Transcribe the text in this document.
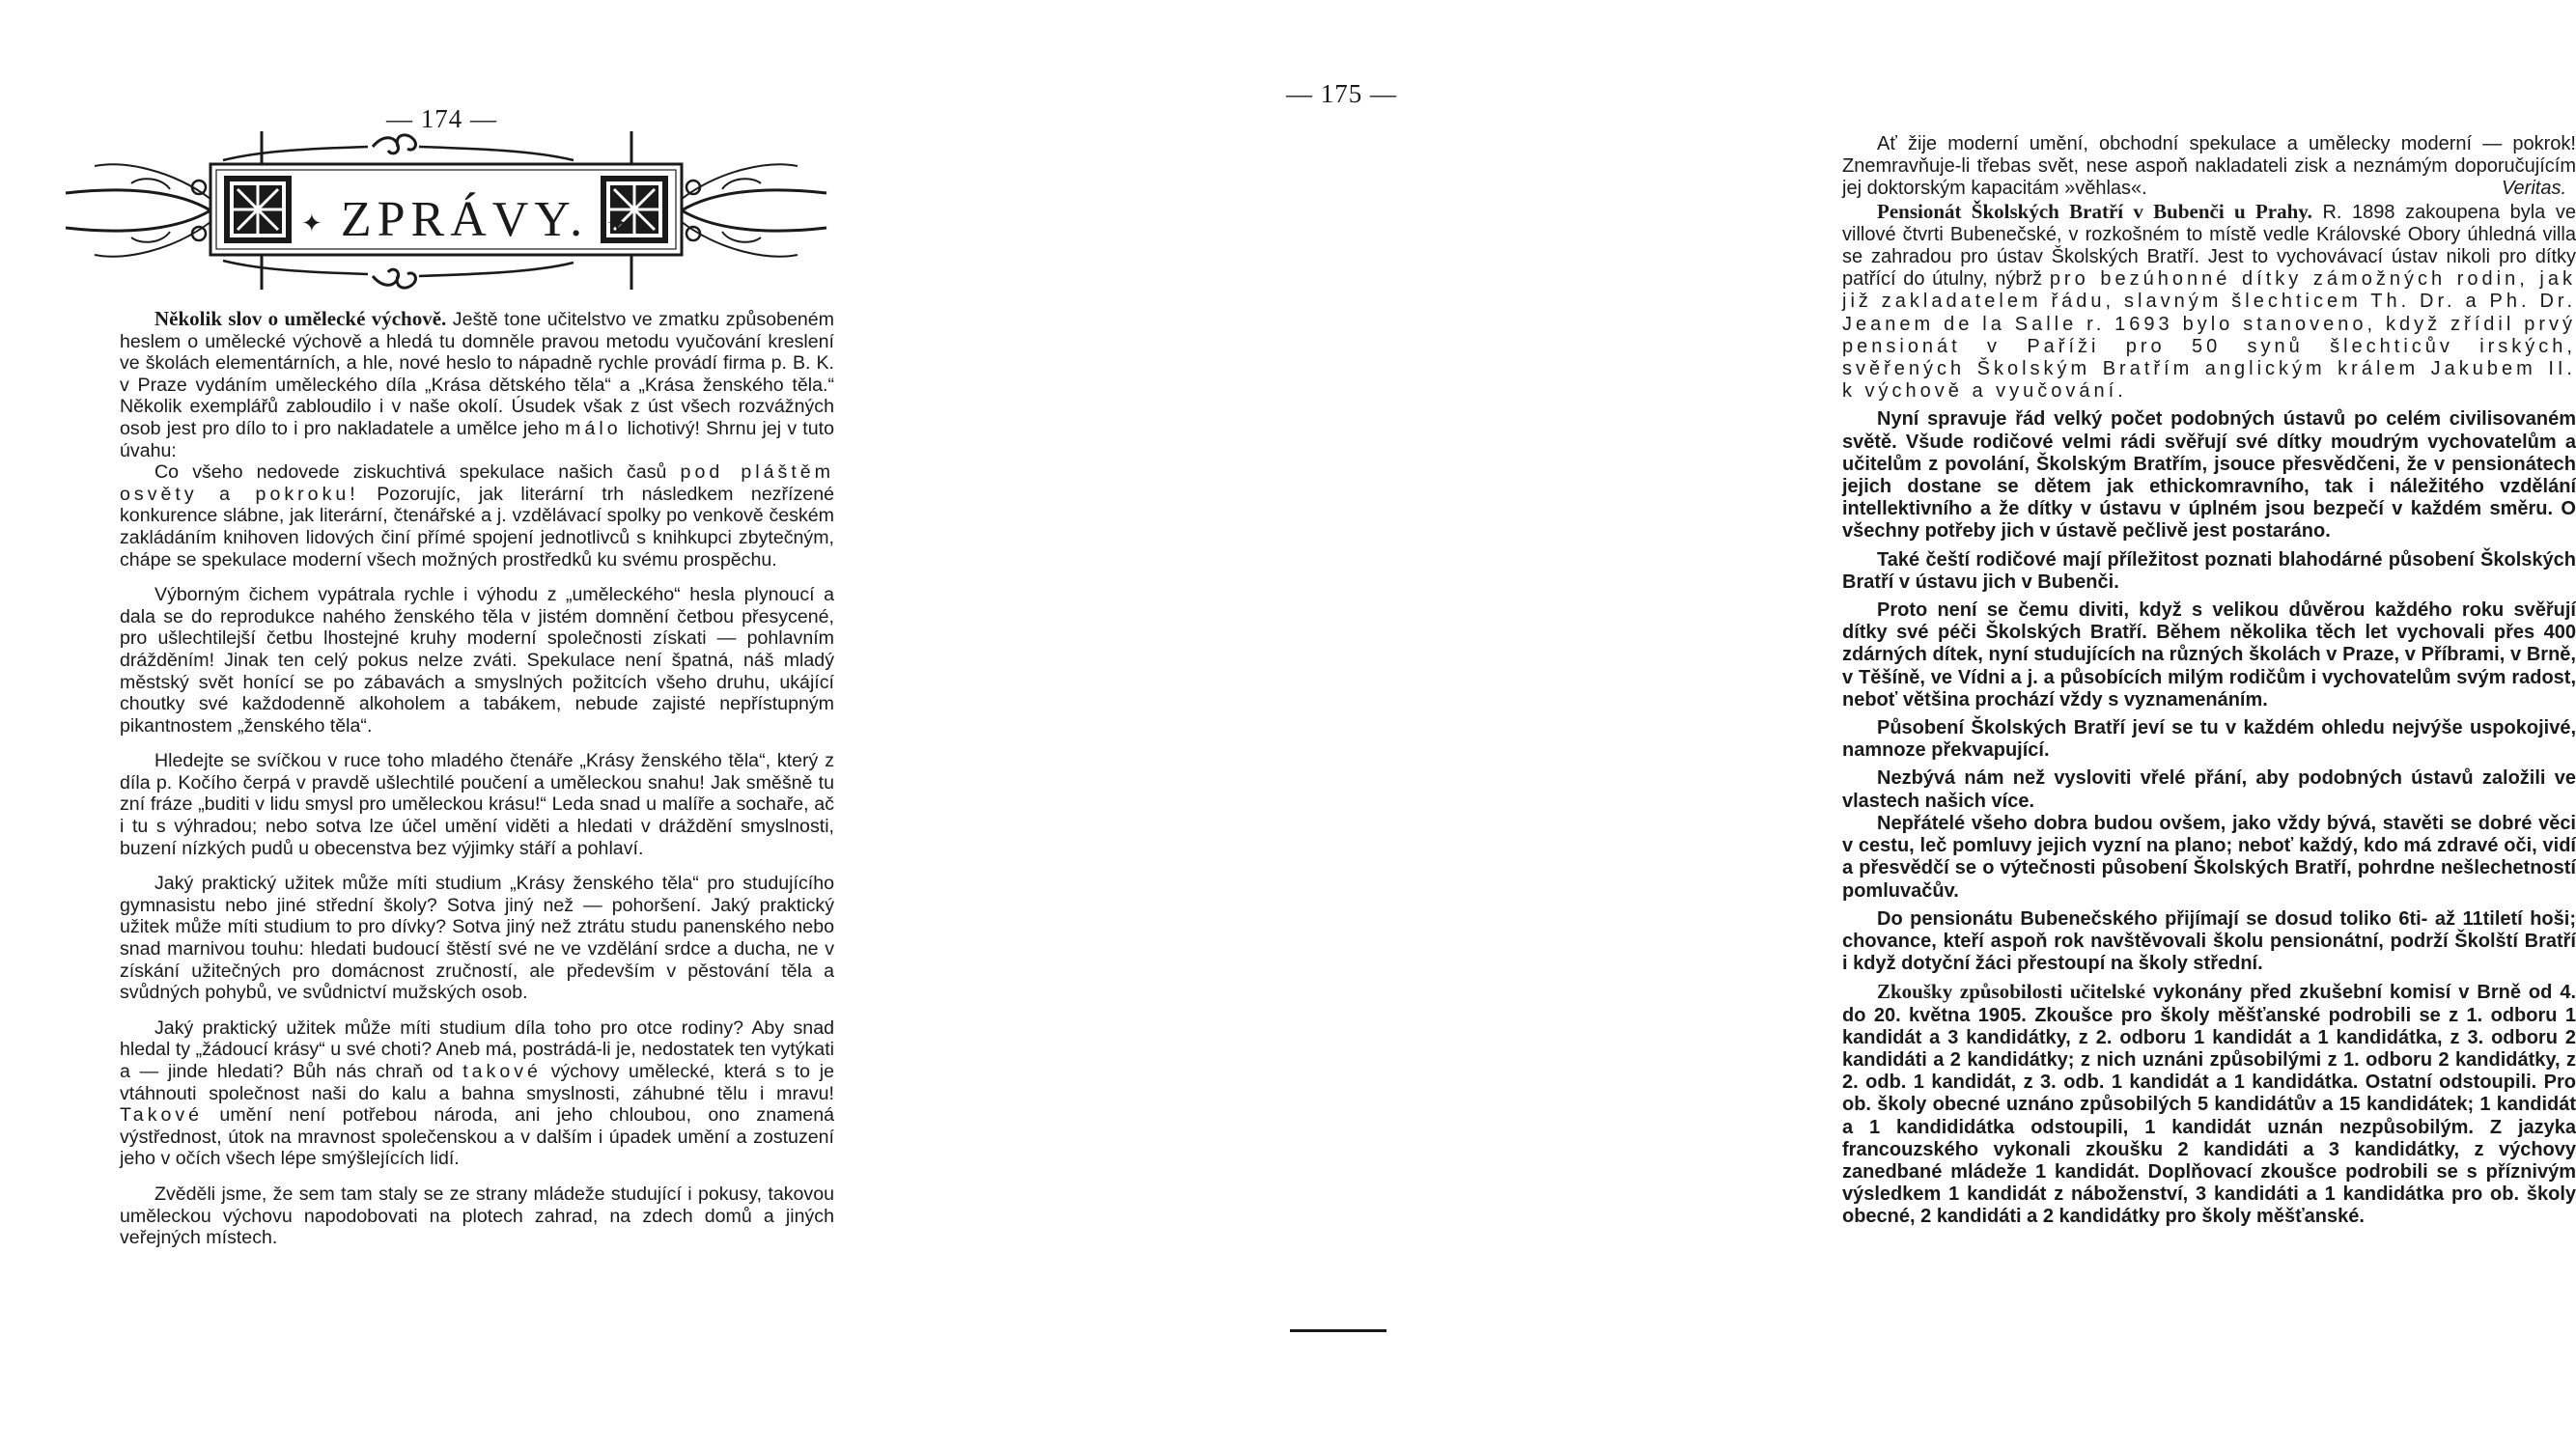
— 174 —
✦ ZPRÁVY. ✦

Několik slov o umělecké výchově. Ještě tone učitelstvo ve zmatku způsobeném heslem o umělecké výchově a hledá tu domněle pravou metodu vyučování kreslení ve školách elementárních, a hle, nové heslo to nápadně rychle provádí firma p. B. K. v Praze vydáním uměleckého díla „Krása dětského těla“ a „Krása ženského těla.“ Několik exemplářů zabloudilo i v naše okolí. Úsudek však z úst všech rozvážných osob jest pro dílo to i pro nakladatele a umělce jeho málo lichotivý! Shrnu jej v tuto úvahu:

Co všeho nedovede ziskuchtivá spekulace našich časů pod pláštěm osvěty a pokroku! Pozorujíc, jak literární trh následkem nezřízené konkurence slábne, jak literární, čtenářské a j. vzdělávací spolky po venkově českém zakládáním knihoven lidových činí přímé spojení jednotlivců s knihkupci zbytečným, chápe se spekulace moderní všech možných prostředků ku svému prospěchu.

Výborným čichem vypátrala rychle i výhodu z „uměleckého“ hesla plynoucí a dala se do reprodukce nahého ženského těla v jistém domnění četbou přesycené, pro ušlechtilejší četbu lhostejné kruhy moderní společnosti získati — pohlavním drážděním! Jinak ten celý pokus nelze zváti. Spekulace není špatná, náš mladý městský svět honící se po zábavách a smyslných požitcích všeho druhu, ukájící choutky své každodenně alkoholem a tabákem, nebude zajisté nepřístupným pikantnostem „ženského těla“.

Hledejte se svíčkou v ruce toho mladého čtenáře „Krásy ženského těla“, který z díla p. Kočího čerpá v pravdě ušlechtilé poučení a uměleckou snahu! Jak směšně tu zní fráze „buditi v lidu smysl pro uměleckou krásu!“ Leda snad u malíře a sochaře, ač i tu s výhradou; nebo sotva lze účel umění viděti a hledati v dráždění smyslnosti, buzení nízkých pudů u obecenstva bez výjimky stáří a pohlaví.

Jaký praktický užitek může míti studium „Krásy ženského těla“ pro studujícího gymnasistu nebo jiné střední školy? Sotva jiný než — pohoršení. Jaký praktický užitek může míti studium to pro dívky? Sotva jiný než ztrátu studu panenského nebo snad marnivou touhu: hledati budoucí štěstí své ne ve vzdělání srdce a ducha, ne v získání užitečných pro domácnost zručností, ale především v pěstování těla a svůdných pohybů, ve svůdnictví mužských osob.

Jaký praktický užitek může míti studium díla toho pro otce rodiny? Aby snad hledal ty „žádoucí krásy“ u své choti? Aneb má, postrádá-li je, nedostatek ten vytýkati a — jinde hledati? Bůh nás chraň od takové výchovy umělecké, která s to je vtáhnouti společnost naši do kalu a bahna smyslnosti, záhubné tělu i mravu! Takové umění není potřebou národa, ani jeho chloubou, ono znamená výstřednost, útok na mravnost společenskou a v dalším i úpadek umění a zostuzení jeho v očích všech lépe smýšlejících lidí.

Zvěděli jsme, že sem tam staly se ze strany mládeže studující i pokusy, takovou uměleckou výchovu napodobovati na plotech zahrad, na zdech domů a jiných veřejných místech.

— 175 —

Ať žije moderní umění, obchodní spekulace a umělecky moderní — pokrok! Znemravňuje-li třebas svět, nese aspoň nakladateli zisk a neznámým doporučujícím jej doktorským kapacitám »věhlas«.	Veritas.

Pensionát Školských Bratří v Bubenči u Prahy. R. 1898 zakoupena byla ve villové čtvrti Bubenečské, v rozkošném to místě vedle Královské Obory úhledná villa se zahradou pro ústav Školských Bratří. Jest to vychovávací ústav nikoli pro dítky patřící do útulny, nýbrž pro bezúhonné dítky zámožných rodin, jak již zakladatelem řádu, slavným šlechticem Th. Dr. a Ph. Dr. Jeanem de la Salle r. 1693 bylo stanoveno, když zřídil prvý pensionát v Paříži pro 50 synů šlechticův irských, svěřených Školským Bratřím anglickým králem Jakubem II. k výchově a vyučování.

Nyní spravuje řád velký počet podobných ústavů po celém civilisovaném světě. Všude rodičové velmi rádi svěřují své dítky moudrým vychovatelům a učitelům z povolání, Školským Bratřím, jsouce přesvědčeni, že v pensionátech jejich dostane se dětem jak ethickomravního, tak i náležitého vzdělání intellektivního a že dítky v ústavu v úplném jsou bezpečí v každém směru. O všechny potřeby jich v ústavě pečlivě jest postaráno.

Také čeští rodičové mají příležitost poznati blahodárné působení Školských Bratří v ústavu jich v Bubenči.

Proto není se čemu diviti, když s velikou důvěrou každého roku svěřují dítky své péči Školských Bratří. Během několika těch let vychovali přes 400 zdárných dítek, nyní studujících na různých školách v Praze, v Příbrami, v Brně, v Těšíně, ve Vídni a j. a působících milým rodičům i vychovatelům svým radost, neboť většina prochází vždy s vyznamenáním.

Působení Školských Bratří jeví se tu v každém ohledu nejvýše uspokojivé, namnoze překvapující.

Nezbývá nám než vysloviti vřelé přání, aby podobných ústavů založili ve vlastech našich více.

Nepřátelé všeho dobra budou ovšem, jako vždy bývá, stavěti se dobré věci v cestu, leč pomluvy jejich vyzní na plano; neboť každý, kdo má zdravé oči, vidí a přesvědčí se o výtečnosti působení Školských Bratří, pohrdne nešlechetností pomluvačův.

Do pensionátu Bubenečského přijímají se dosud toliko 6ti- až 11tiletí hoši; chovance, kteří aspoň rok navštěvovali školu pensionátní, podrží Školští Bratří i když dotyční žáci přestoupí na školy střední.

Zkoušky způsobilosti učitelské vykonány před zkušební komisí v Brně od 4. do 20. května 1905. Zkoušce pro školy měšťanské podrobili se z 1. odboru 1 kandidát a 3 kandidátky, z 2. odboru 1 kandidát a 1 kandidátka, z 3. odboru 2 kandidáti a 2 kandidátky; z nich uznáni způsobilými z 1. odboru 2 kandidátky, z 2. odb. 1 kandidát, z 3. odb. 1 kandidát a 1 kandidátka. Ostatní odstoupili. Pro ob. školy obecné uznáno způsobilých 5 kandidátův a 15 kandidátek; 1 kandidát a 1 kandididátka odstoupili, 1 kandidát uznán nezpůsobilým. Z jazyka francouzského vykonali zkoušku 2 kandidáti a 3 kandidátky, z výchovy zanedbané mládeže 1 kandidát. Doplňovací zkoušce podrobili se s příznivým výsledkem 1 kandidát z náboženství, 3 kandidáti a 1 kandidátka pro ob. školy obecné, 2 kandidáti a 2 kandidátky pro školy měšťanské.
